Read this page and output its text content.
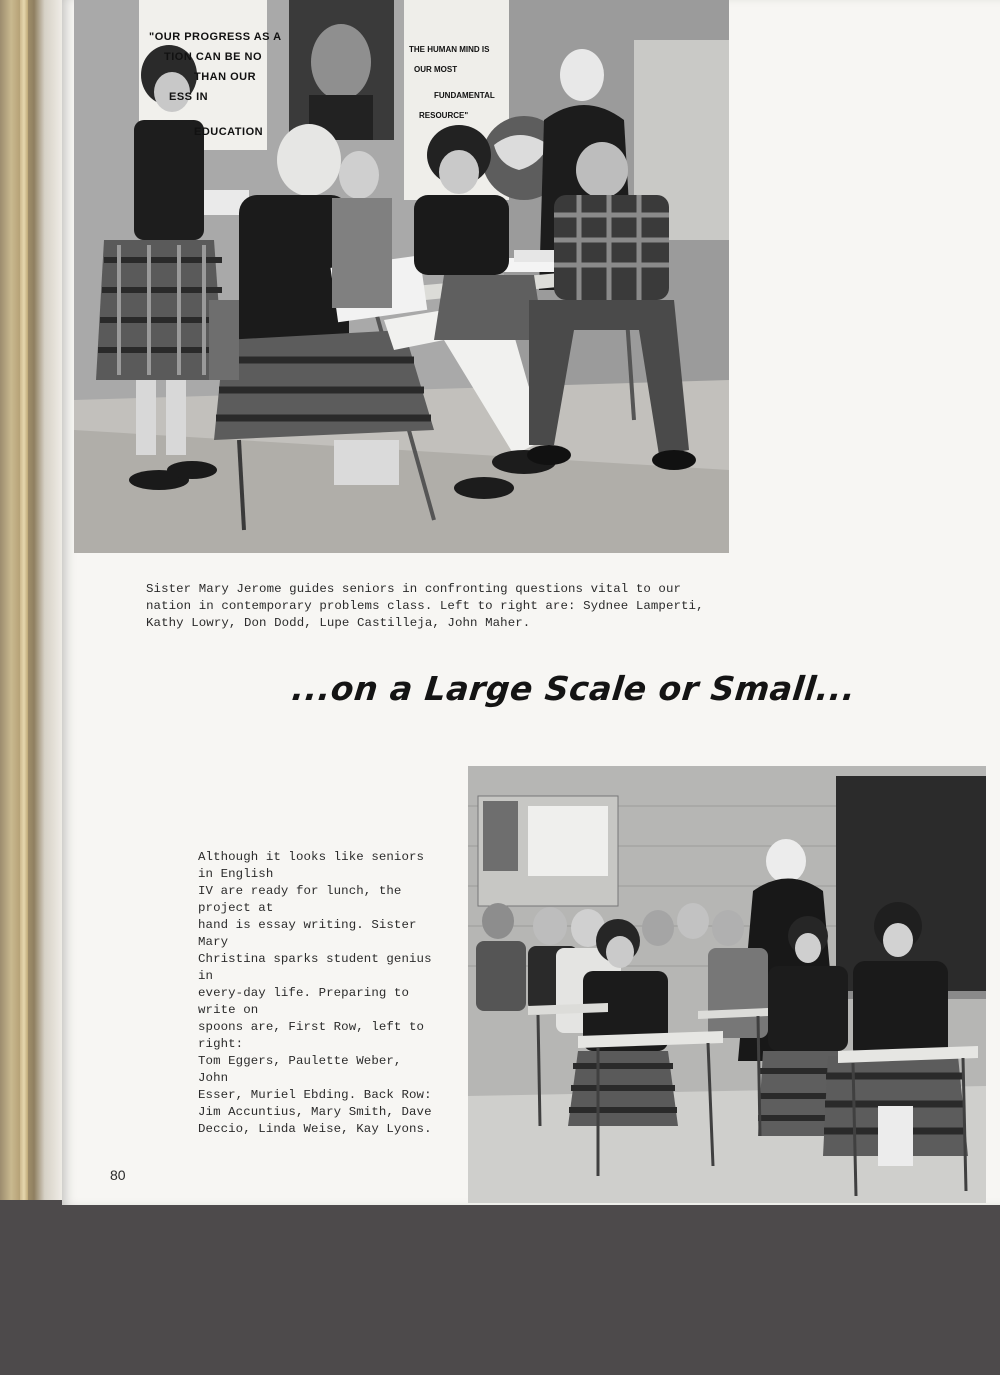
"OUR PROGRESS AS A
TION CAN BE NO
THAN OUR
ESS IN
EDUCATION
THE HUMAN MIND IS
OUR MOST
FUNDAMENTAL
RESOURCE"

Sister Mary Jerome guides seniors in confronting questions vital to our nation in contemporary problems class. Left to right are: Sydnee Lamperti, Kathy Lowry, Don Dodd, Lupe Castilleja, John Maher.

...on a Large Scale or Small...

Although it looks like seniors in English
IV are ready for lunch, the project at
hand is essay writing. Sister Mary
Christina sparks student genius in
every-day life. Preparing to write on
spoons are, First Row, left to right:
Tom Eggers, Paulette Weber, John
Esser, Muriel Ebding. Back Row:
Jim Accuntius, Mary Smith, Dave
Deccio, Linda Weise, Kay Lyons.

80
